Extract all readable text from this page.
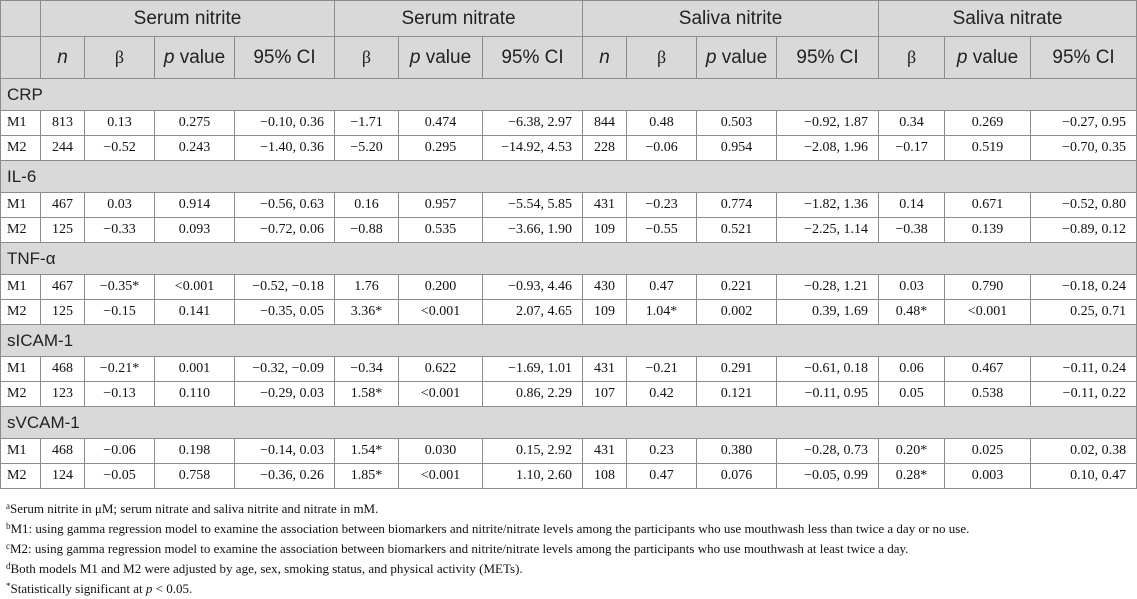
	Serum nitrite				Serum nitrate			Saliva nitrite				Saliva nitrate		
	n	β	p value	95% CI	β	p value	95% CI	n	β	p value	95% CI	β	p value	95% CI
CRP														
M1	813	0.13	0.275	−0.10, 0.36	−1.71	0.474	−6.38, 2.97	844	0.48	0.503	−0.92, 1.87	0.34	0.269	−0.27, 0.95
M2	244	−0.52	0.243	−1.40, 0.36	−5.20	0.295	−14.92, 4.53	228	−0.06	0.954	−2.08, 1.96	−0.17	0.519	−0.70, 0.35
IL-6														
M1	467	0.03	0.914	−0.56, 0.63	0.16	0.957	−5.54, 5.85	431	−0.23	0.774	−1.82, 1.36	0.14	0.671	−0.52, 0.80
M2	125	−0.33	0.093	−0.72, 0.06	−0.88	0.535	−3.66, 1.90	109	−0.55	0.521	−2.25, 1.14	−0.38	0.139	−0.89, 0.12
TNF-α														
M1	467	−0.35*	<0.001	−0.52, −0.18	1.76	0.200	−0.93, 4.46	430	0.47	0.221	−0.28, 1.21	0.03	0.790	−0.18, 0.24
M2	125	−0.15	0.141	−0.35, 0.05	3.36*	<0.001	2.07, 4.65	109	1.04*	0.002	0.39, 1.69	0.48*	<0.001	0.25, 0.71
sICAM-1														
M1	468	−0.21*	0.001	−0.32, −0.09	−0.34	0.622	−1.69, 1.01	431	−0.21	0.291	−0.61, 0.18	0.06	0.467	−0.11, 0.24
M2	123	−0.13	0.110	−0.29, 0.03	1.58*	<0.001	0.86, 2.29	107	0.42	0.121	−0.11, 0.95	0.05	0.538	−0.11, 0.22
sVCAM-1														
M1	468	−0.06	0.198	−0.14, 0.03	1.54*	0.030	0.15, 2.92	431	0.23	0.380	−0.28, 0.73	0.20*	0.025	0.02, 0.38
M2	124	−0.05	0.758	−0.36, 0.26	1.85*	<0.001	1.10, 2.60	108	0.47	0.076	−0.05, 0.99	0.28*	0.003	0.10, 0.47
$^a$Serum nitrite in μM; serum nitrate and saliva nitrite and nitrate in mM.
$^b$M1: using gamma regression model to examine the association between biomarkers and nitrite/nitrate levels among the participants who use mouthwash less than twice a day or no use.
$^c$M2: using gamma regression model to examine the association between biomarkers and nitrite/nitrate levels among the participants who use mouthwash at least twice a day.
$^d$Both models M1 and M2 were adjusted by age, sex, smoking status, and physical activity (METs).
*Statistically significant at p < 0.05.
